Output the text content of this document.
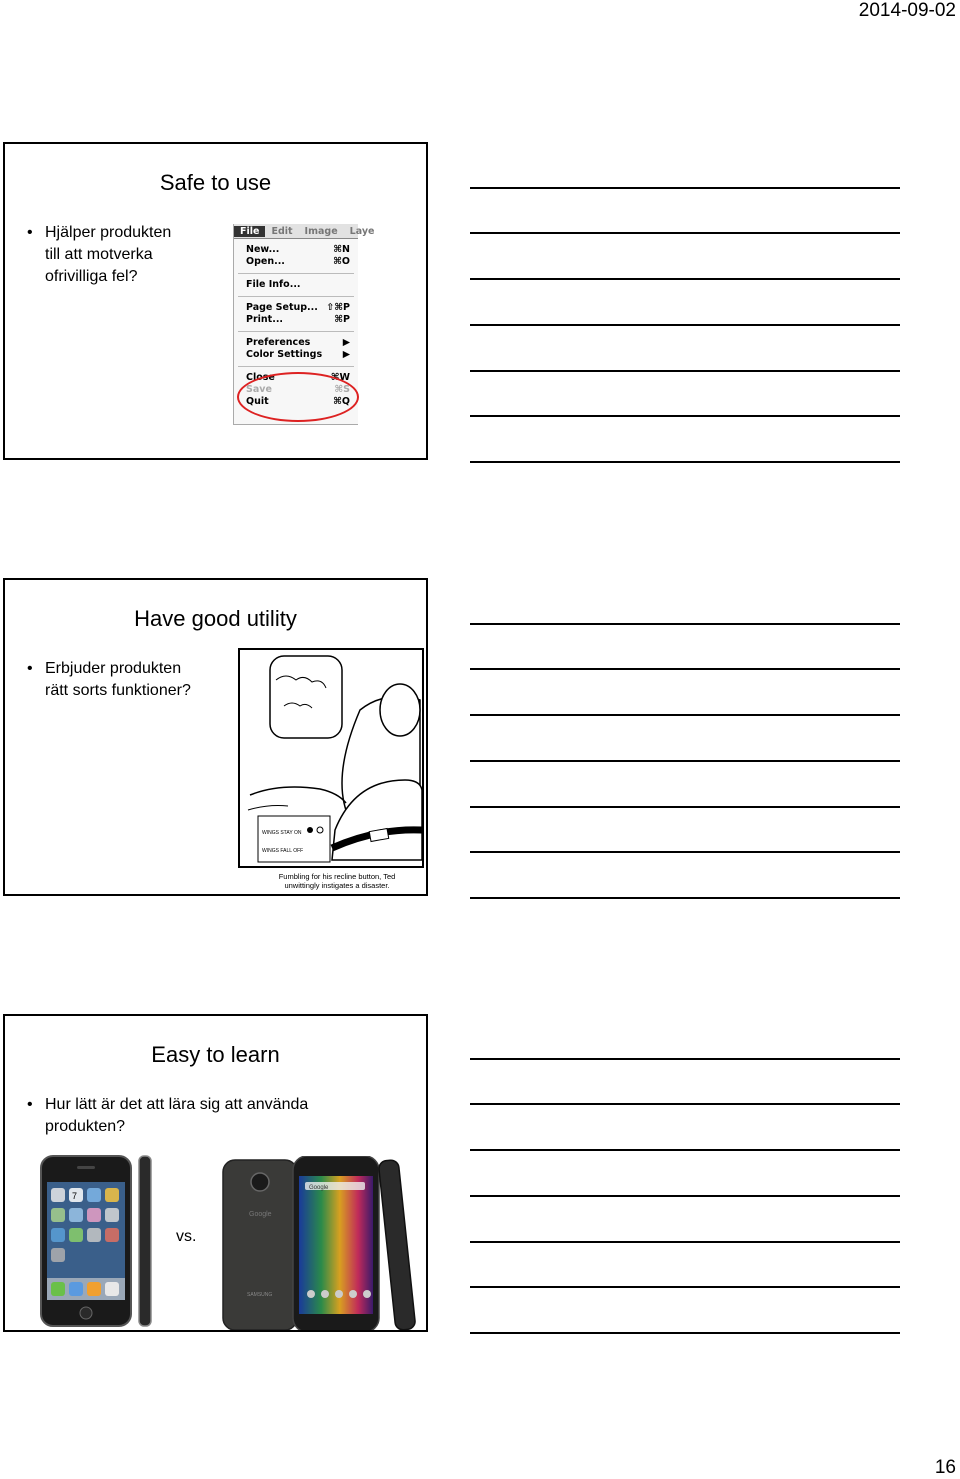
2014-09-02
Safe to use
• Hjälper produkten
till att motverka
ofrivilliga fel?
File	Edit	Image	Laye
New...	⌘N
Open...	⌘O
File Info...
Page Setup... ⇧⌘P
Print...	⌘P
Preferences	▶
Color Settings ▶
Close	⌘W
Save	⌘S
Quit	⌘Q
Have good utility
• Erbjuder produkten
rätt sorts funktioner?
WINGS STAY ON
WINGS FALL OFF
Fumbling for his recline button, Ted unwittingly instigates a disaster.
Easy to learn
• Hur lätt är det att lära sig att använda
produkten?
7
vs.
Google
SAMSUNG
Google
16
